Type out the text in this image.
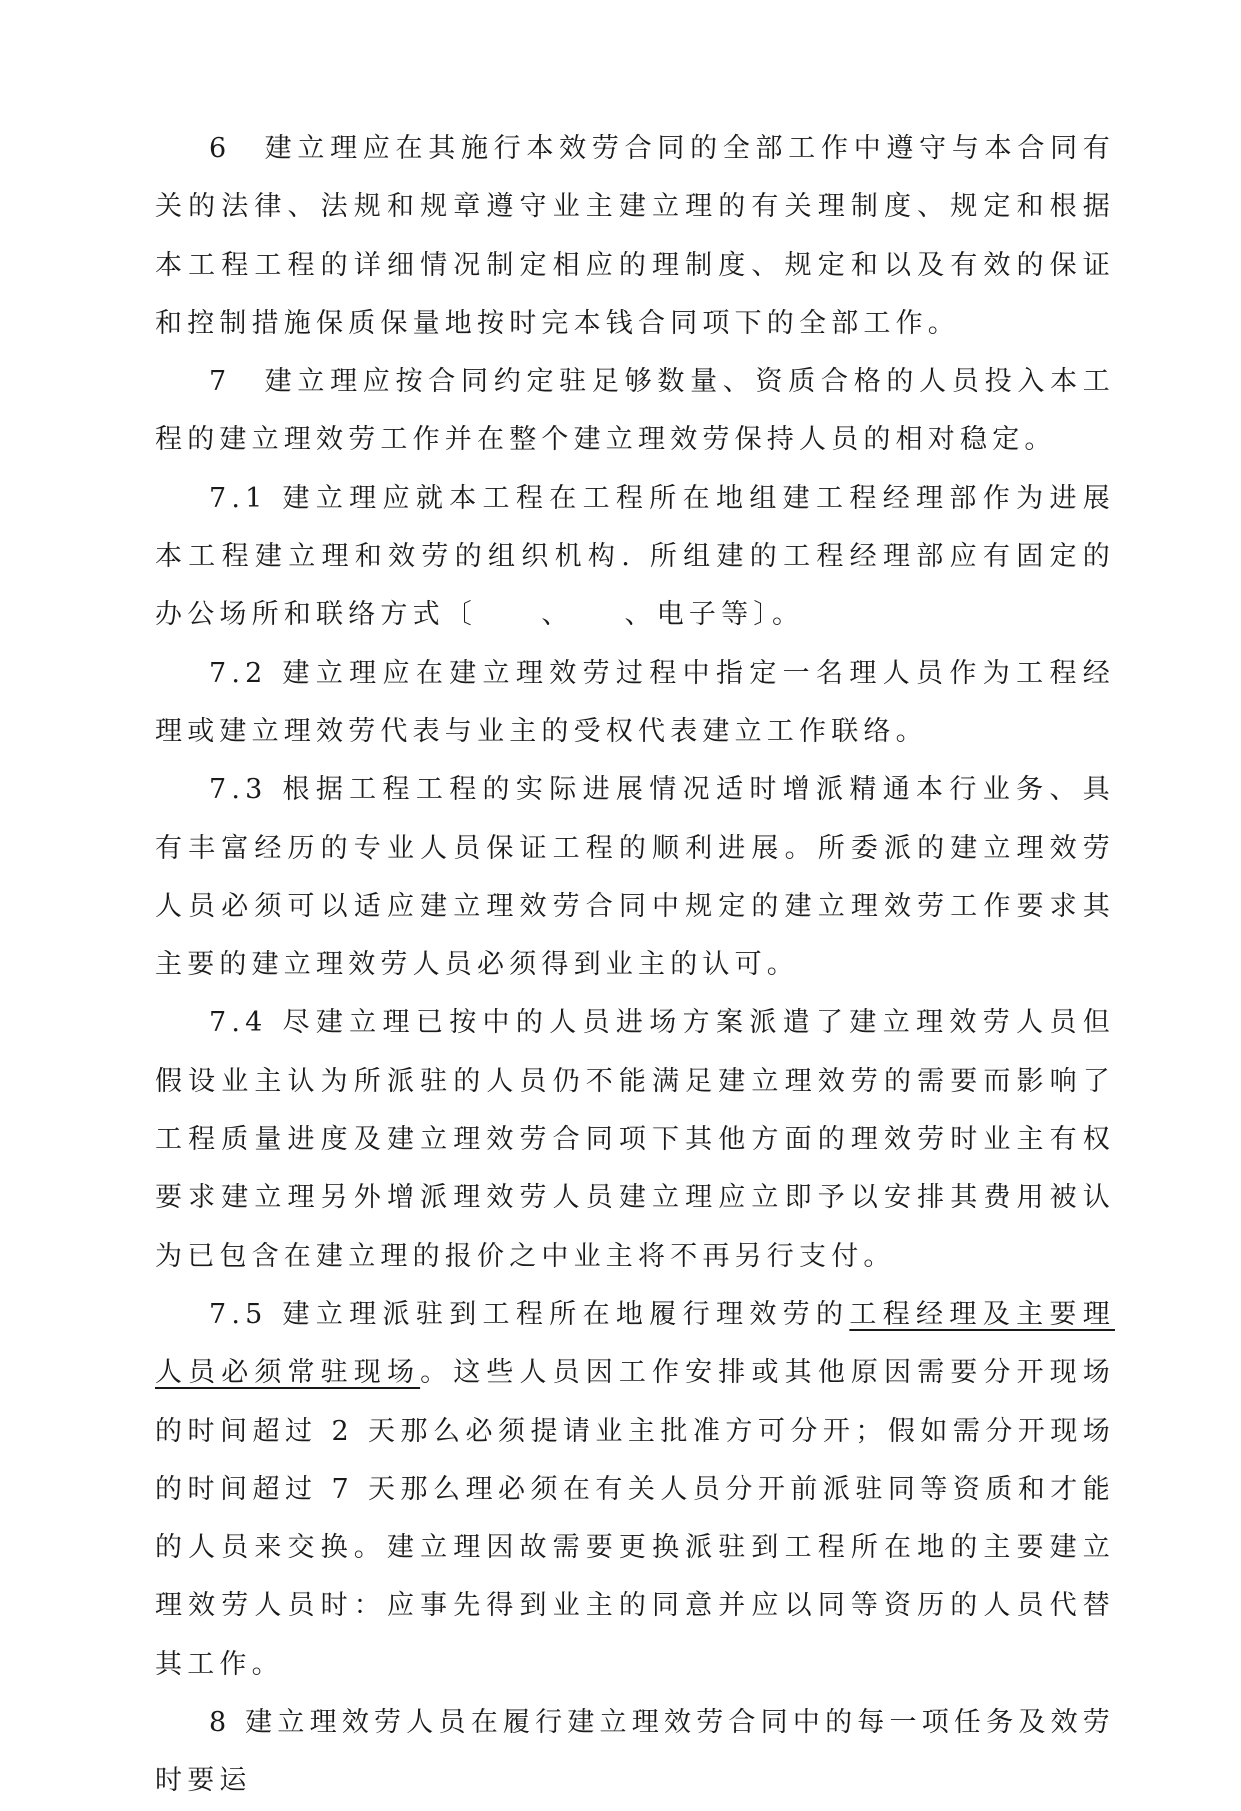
6　建立理应在其施行本效劳合同的全部工作中遵守与本合同有关的法律、法规和规章遵守业主建立理的有关理制度、规定和根据本工程工程的详细情况制定相应的理制度、规定和以及有效的保证和控制措施保质保量地按时完本钱合同项下的全部工作。

7　建立理应按合同约定驻足够数量、资质合格的人员投入本工程的建立理效劳工作并在整个建立理效劳保持人员的相对稳定。

7.1 建立理应就本工程在工程所在地组建工程经理部作为进展本工程建立理和效劳的组织机构. 所组建的工程经理部应有固定的办公场所和联络方式〔　　、　　、电子等〕。

7.2 建立理应在建立理效劳过程中指定一名理人员作为工程经理或建立理效劳代表与业主的受权代表建立工作联络。

7.3 根据工程工程的实际进展情况适时增派精通本行业务、具有丰富经历的专业人员保证工程的顺利进展。所委派的建立理效劳人员必须可以适应建立理效劳合同中规定的建立理效劳工作要求其主要的建立理效劳人员必须得到业主的认可。

7.4 尽建立理已按中的人员进场方案派遣了建立理效劳人员但假设业主认为所派驻的人员仍不能满足建立理效劳的需要而影响了工程质量进度及建立理效劳合同项下其他方面的理效劳时业主有权要求建立理另外增派理效劳人员建立理应立即予以安排其费用被认为已包含在建立理的报价之中业主将不再另行支付。

7.5 建立理派驻到工程所在地履行理效劳的工程经理及主要理人员必须常驻现场。这些人员因工作安排或其他原因需要分开现场的时间超过 2 天那么必须提请业主批准方可分开；假如需分开现场的时间超过 7 天那么理必须在有关人员分开前派驻同等资质和才能的人员来交换。建立理因故需要更换派驻到工程所在地的主要建立理效劳人员时：应事先得到业主的同意并应以同等资历的人员代替其工作。

8 建立理效劳人员在履行建立理效劳合同中的每一项任务及效劳时要运
